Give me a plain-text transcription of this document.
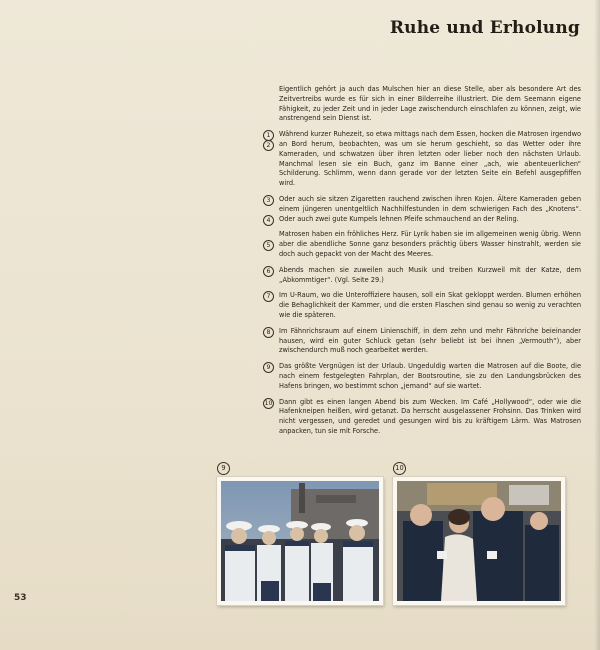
Ruhe und Erholung

Eigentlich gehört ja auch das Mulschen hier an diese Stelle, aber als besondere Art des Zeitvertreibs wurde es für sich in einer Bilderreihe illustriert. Die dem Seemann eigene Fähigkeit, zu jeder Zeit und in jeder Lage zwischendurch einschlafen zu können, zeigt, wie anstrengend sein Dienst ist.

1
2
Während kurzer Ruhezeit, so etwa mittags nach dem Essen, hocken die Matrosen irgendwo an Bord herum, beobachten, was um sie herum geschieht, so das Wetter oder ihre Kameraden, und schwatzen über ihren letzten oder lieber noch den nächsten Urlaub. Manchmal lesen sie ein Buch, ganz im Banne einer „ach, wie abenteuerlichen“ Schilderung. Schlimm, wenn dann gerade vor der letzten Seite ein Befehl ausgepfiffen wird.
3
4
Oder auch sie sitzen Zigaretten rauchend zwischen ihren Kojen. Ältere Kameraden geben einem jüngeren unentgeltlich Nachhilfestunden in dem schwierigen Fach des „Knotens“. Oder auch zwei gute Kumpels lehnen Pfeife schmauchend an der Reling.
5
Matrosen haben ein fröhliches Herz. Für Lyrik haben sie im allgemeinen wenig übrig. Wenn aber die abendliche Sonne ganz besonders prächtig übers Wasser hinstrahlt, werden sie doch auch gepackt von der Macht des Meeres.
6	Abends machen sie zuweilen auch Musik und treiben Kurzweil mit der Katze, dem „Abkommtiger“. (Vgl. Seite 29.)
7	Im U-Raum, wo die Unteroffiziere hausen, soll ein Skat gekloppt werden. Blumen erhöhen die Behaglichkeit der Kammer, und die ersten Flaschen sind genau so wenig zu verachten wie die späteren.
8	Im Fähnrichsraum auf einem Linienschiff, in dem zehn und mehr Fähnriche beieinander hausen, wird ein guter Schluck getan (sehr beliebt ist bei ihnen „Vermouth“), aber zwischendurch muß noch gearbeitet werden.
9	Das größte Vergnügen ist der Urlaub. Ungeduldig warten die Matrosen auf die Boote, die nach einem festgelegten Fahrplan, der Bootsroutine, sie zu den Landungsbrücken des Hafens bringen, wo bestimmt schon „jemand“ auf sie wartet.
10 Dann gibt es einen langen Abend bis zum Wecken. Im Café „Hollywood“, oder wie die Hafenkneipen heißen, wird getanzt. Da herrscht ausgelassener Frohsinn. Das Trinken wird nicht vergessen, und geredet und gesungen wird bis zu kräftigem Lärm. Was Matrosen anpacken, tun sie mit Forsche.
9	10
53
